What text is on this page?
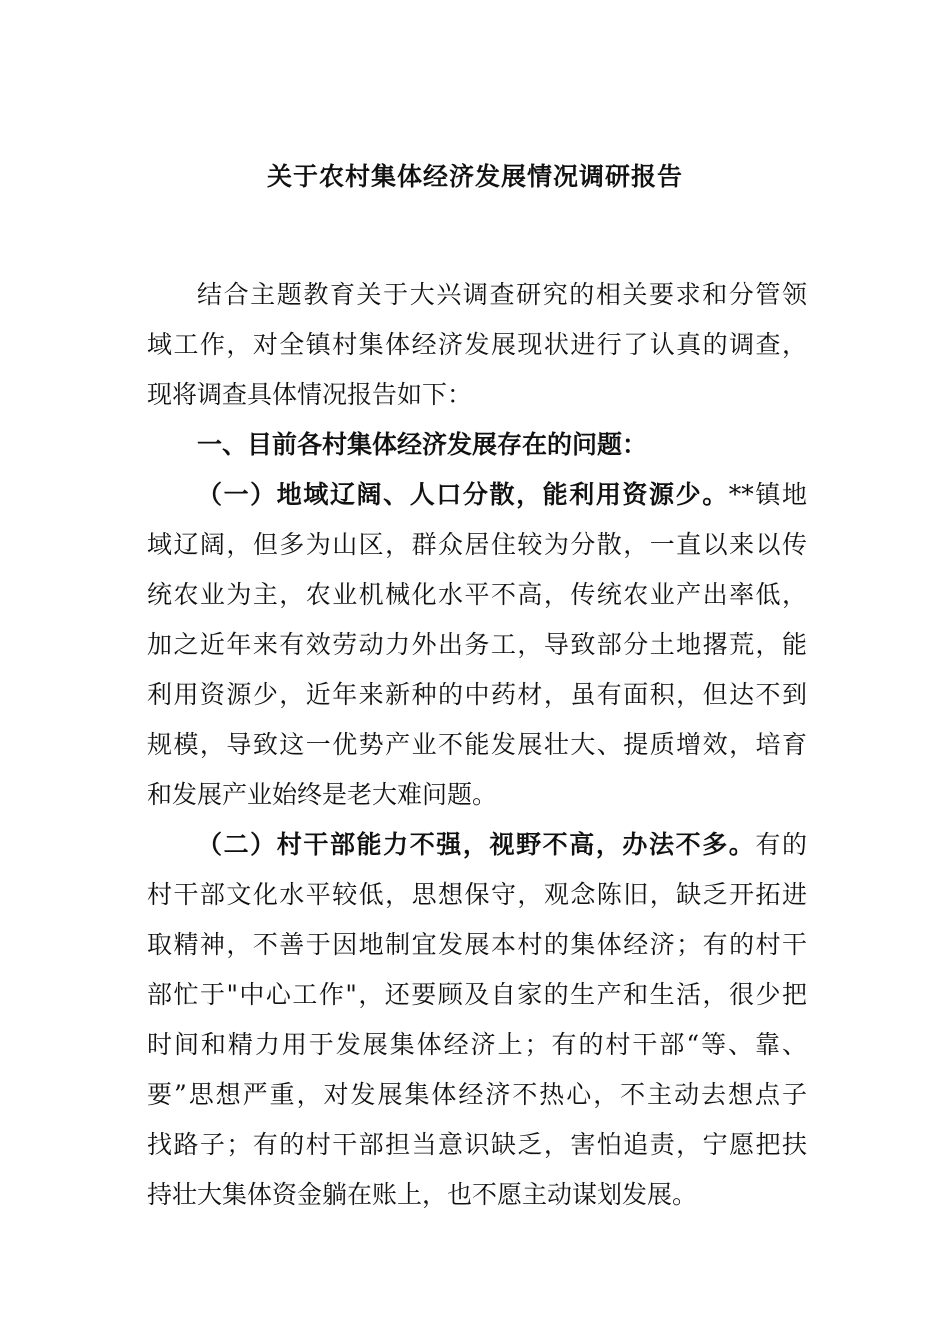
关于农村集体经济发展情况调研报告
结合主题教育关于大兴调查研究的相关要求和分管领
域工作，对全镇村集体经济发展现状进行了认真的调查，
现将调查具体情况报告如下：
一、目前各村集体经济发展存在的问题：
（一）地域辽阔、人口分散，能利用资源少。**镇地
域辽阔，但多为山区，群众居住较为分散，一直以来以传
统农业为主，农业机械化水平不高，传统农业产出率低，
加之近年来有效劳动力外出务工，导致部分土地撂荒，能
利用资源少，近年来新种的中药材，虽有面积，但达不到
规模，导致这一优势产业不能发展壮大、提质增效，培育
和发展产业始终是老大难问题。
（二）村干部能力不强，视野不高，办法不多。有的
村干部文化水平较低，思想保守，观念陈旧，缺乏开拓进
取精神，不善于因地制宜发展本村的集体经济；有的村干
部忙于"中心工作"，还要顾及自家的生产和生活，很少把
时间和精力用于发展集体经济上；有的村干部“等、靠、
要”思想严重，对发展集体经济不热心，不主动去想点子
找路子；有的村干部担当意识缺乏，害怕追责，宁愿把扶
持壮大集体资金躺在账上，也不愿主动谋划发展。
